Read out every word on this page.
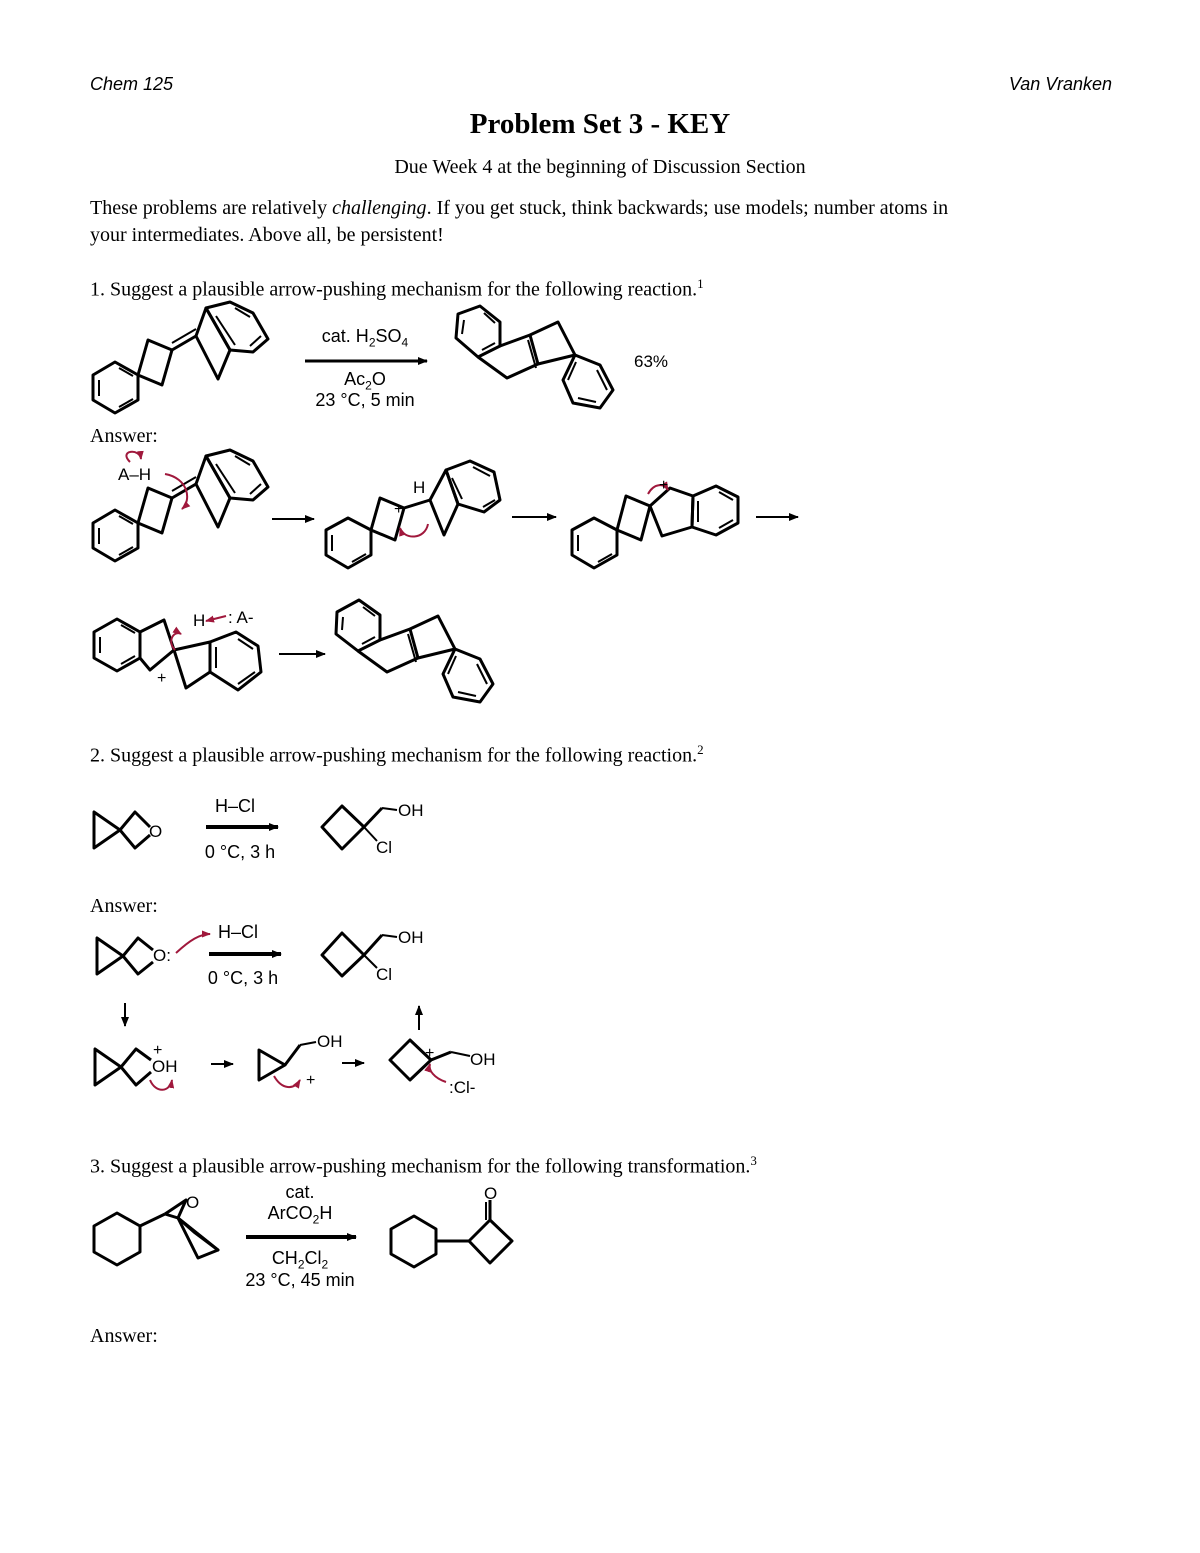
Chem 125	Van Vranken
Problem Set 3 - KEY
Due Week 4 at the beginning of Discussion Section
These problems are relatively challenging. If you get stuck, think backwards; use models; number atoms in
your intermediates. Above all, be persistent!
1. Suggest a plausible arrow-pushing mechanism for the following reaction.$^1$
cat. $H_2SO_4$
$Ac_2O$
23 °C, 5 min
63%
Answer:
A–H
H
H : A-
2. Suggest a plausible arrow-pushing mechanism for the following reaction.$^2$
O
H–Cl
0 °C, 3 h
OH
Cl
Answer:
O:
H–Cl
0 °C, 3 h
OH
Cl
OH
OH
OH
:Cl-
3. Suggest a plausible arrow-pushing mechanism for the following transformation.$^3$
O
cat.
ArCO$_2$H
$CH_2Cl_2$
23 °C, 45 min
O
Answer:
+
+
+
+
+
+
